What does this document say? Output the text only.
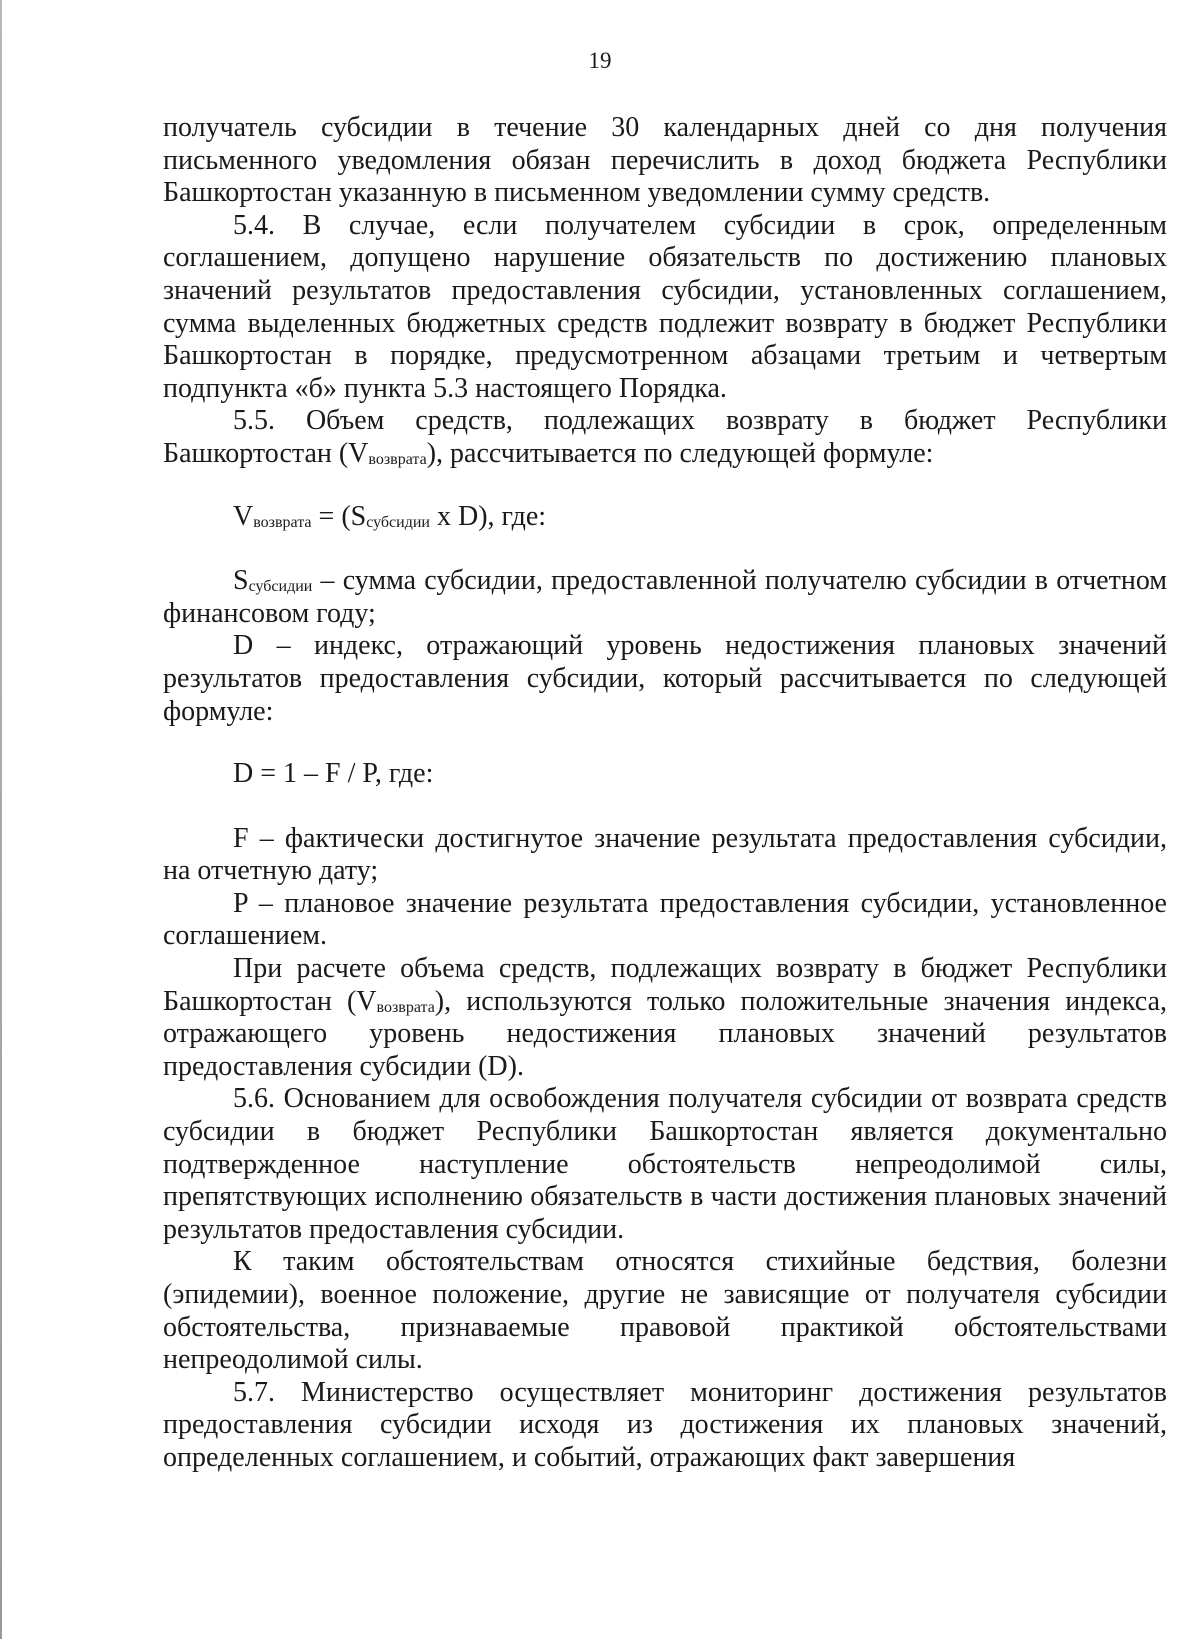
19

получатель субсидии в течение 30 календарных дней со дня получения письменного уведомления обязан перечислить в доход бюджета Республики Башкортостан указанную в письменном уведомлении сумму средств.

5.4. В случае, если получателем субсидии в срок, определенным соглашением, допущено нарушение обязательств по достижению плановых значений результатов предоставления субсидии, установленных соглашением, сумма выделенных бюджетных средств подлежит возврату в бюджет Республики Башкортостан в порядке, предусмотренном абзацами третьим и четвертым подпункта «б» пункта 5.3 настоящего Порядка.

5.5. Объем средств, подлежащих возврату в бюджет Республики Башкортостан $(V_{возврата})$, рассчитывается по следующей формуле:

$V_{возврата} = (S_{субсидии}$ x D), где:

$S_{субсидии}$ – сумма субсидии, предоставленной получателю субсидии в отчетном финансовом году;

D – индекс, отражающий уровень недостижения плановых значений результатов предоставления субсидии, который рассчитывается по следующей формуле:

D = 1 – F / P, где:

F – фактически достигнутое значение результата предоставления субсидии, на отчетную дату;

P – плановое значение результата предоставления субсидии, установленное соглашением.

При расчете объема средств, подлежащих возврату в бюджет Республики Башкортостан $(V_{возврата})$, используются только положительные значения индекса, отражающего уровень недостижения плановых значений результатов предоставления субсидии (D).

5.6. Основанием для освобождения получателя субсидии от возврата средств субсидии в бюджет Республики Башкортостан является документально подтвержденное наступление обстоятельств непреодолимой силы, препятствующих исполнению обязательств в части достижения плановых значений результатов предоставления субсидии.

К таким обстоятельствам относятся стихийные бедствия, болезни (эпидемии), военное положение, другие не зависящие от получателя субсидии обстоятельства, признаваемые правовой практикой обстоятельствами непреодолимой силы.

5.7. Министерство осуществляет мониторинг достижения результатов предоставления субсидии исходя из достижения их плановых значений, определенных соглашением, и событий, отражающих факт завершения
